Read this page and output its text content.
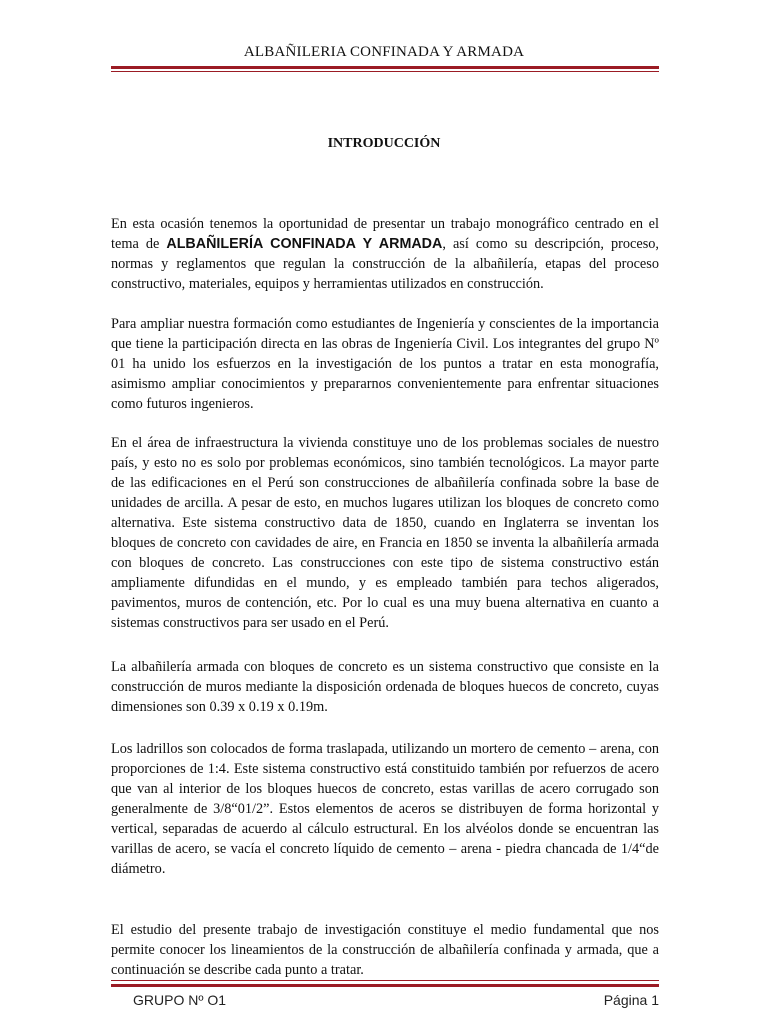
ALBAÑILERIA CONFINADA Y ARMADA
INTRODUCCIÓN

En esta ocasión tenemos la oportunidad de presentar un trabajo monográfico centrado en el tema de ALBAÑILERÍA CONFINADA Y ARMADA, así como su descripción, proceso, normas y reglamentos que regulan la construcción de la albañilería, etapas del proceso constructivo, materiales, equipos y herramientas utilizados en construcción.

Para ampliar nuestra formación como estudiantes de Ingeniería y conscientes de la importancia que tiene la participación directa en las obras de Ingeniería Civil. Los integrantes del grupo Nº 01 ha unido los esfuerzos en la investigación de los puntos a tratar en esta monografía, asimismo ampliar conocimientos y prepararnos convenientemente para enfrentar situaciones como futuros ingenieros.

En el área de infraestructura la vivienda constituye uno de los problemas sociales de nuestro país, y esto no es solo por problemas económicos, sino también tecnológicos. La mayor parte de las edificaciones en el Perú son construcciones de albañilería confinada sobre la base de unidades de arcilla. A pesar de esto, en muchos lugares utilizan los bloques de concreto como alternativa. Este sistema constructivo data de 1850, cuando en Inglaterra se inventan los bloques de concreto con cavidades de aire, en Francia en 1850 se inventa la albañilería armada con bloques de concreto. Las construcciones con este tipo de sistema constructivo están ampliamente difundidas en el mundo, y es empleado también para techos aligerados, pavimentos, muros de contención, etc. Por lo cual es una muy buena alternativa en cuanto a sistemas constructivos para ser usado en el Perú.

La albañilería armada con bloques de concreto es un sistema constructivo que consiste en la construcción de muros mediante la disposición ordenada de bloques huecos de concreto, cuyas dimensiones son 0.39 x 0.19 x 0.19m.

Los ladrillos son colocados de forma traslapada, utilizando un mortero de cemento – arena, con proporciones de 1:4. Este sistema constructivo está constituido también por refuerzos de acero que van al interior de los bloques huecos de concreto, estas varillas de acero corrugado son generalmente de 3/8“01/2”. Estos elementos de aceros se distribuyen de forma horizontal y vertical, separadas de acuerdo al cálculo estructural. En los alvéolos donde se encuentran las varillas de acero, se vacía el concreto líquido de cemento – arena - piedra chancada de 1/4“de diámetro.

El estudio del presente trabajo de investigación constituye el medio fundamental que nos permite conocer los lineamientos de la construcción de albañilería confinada y armada, que a continuación se describe cada punto a tratar.

GRUPO Nº O1	Página 1
